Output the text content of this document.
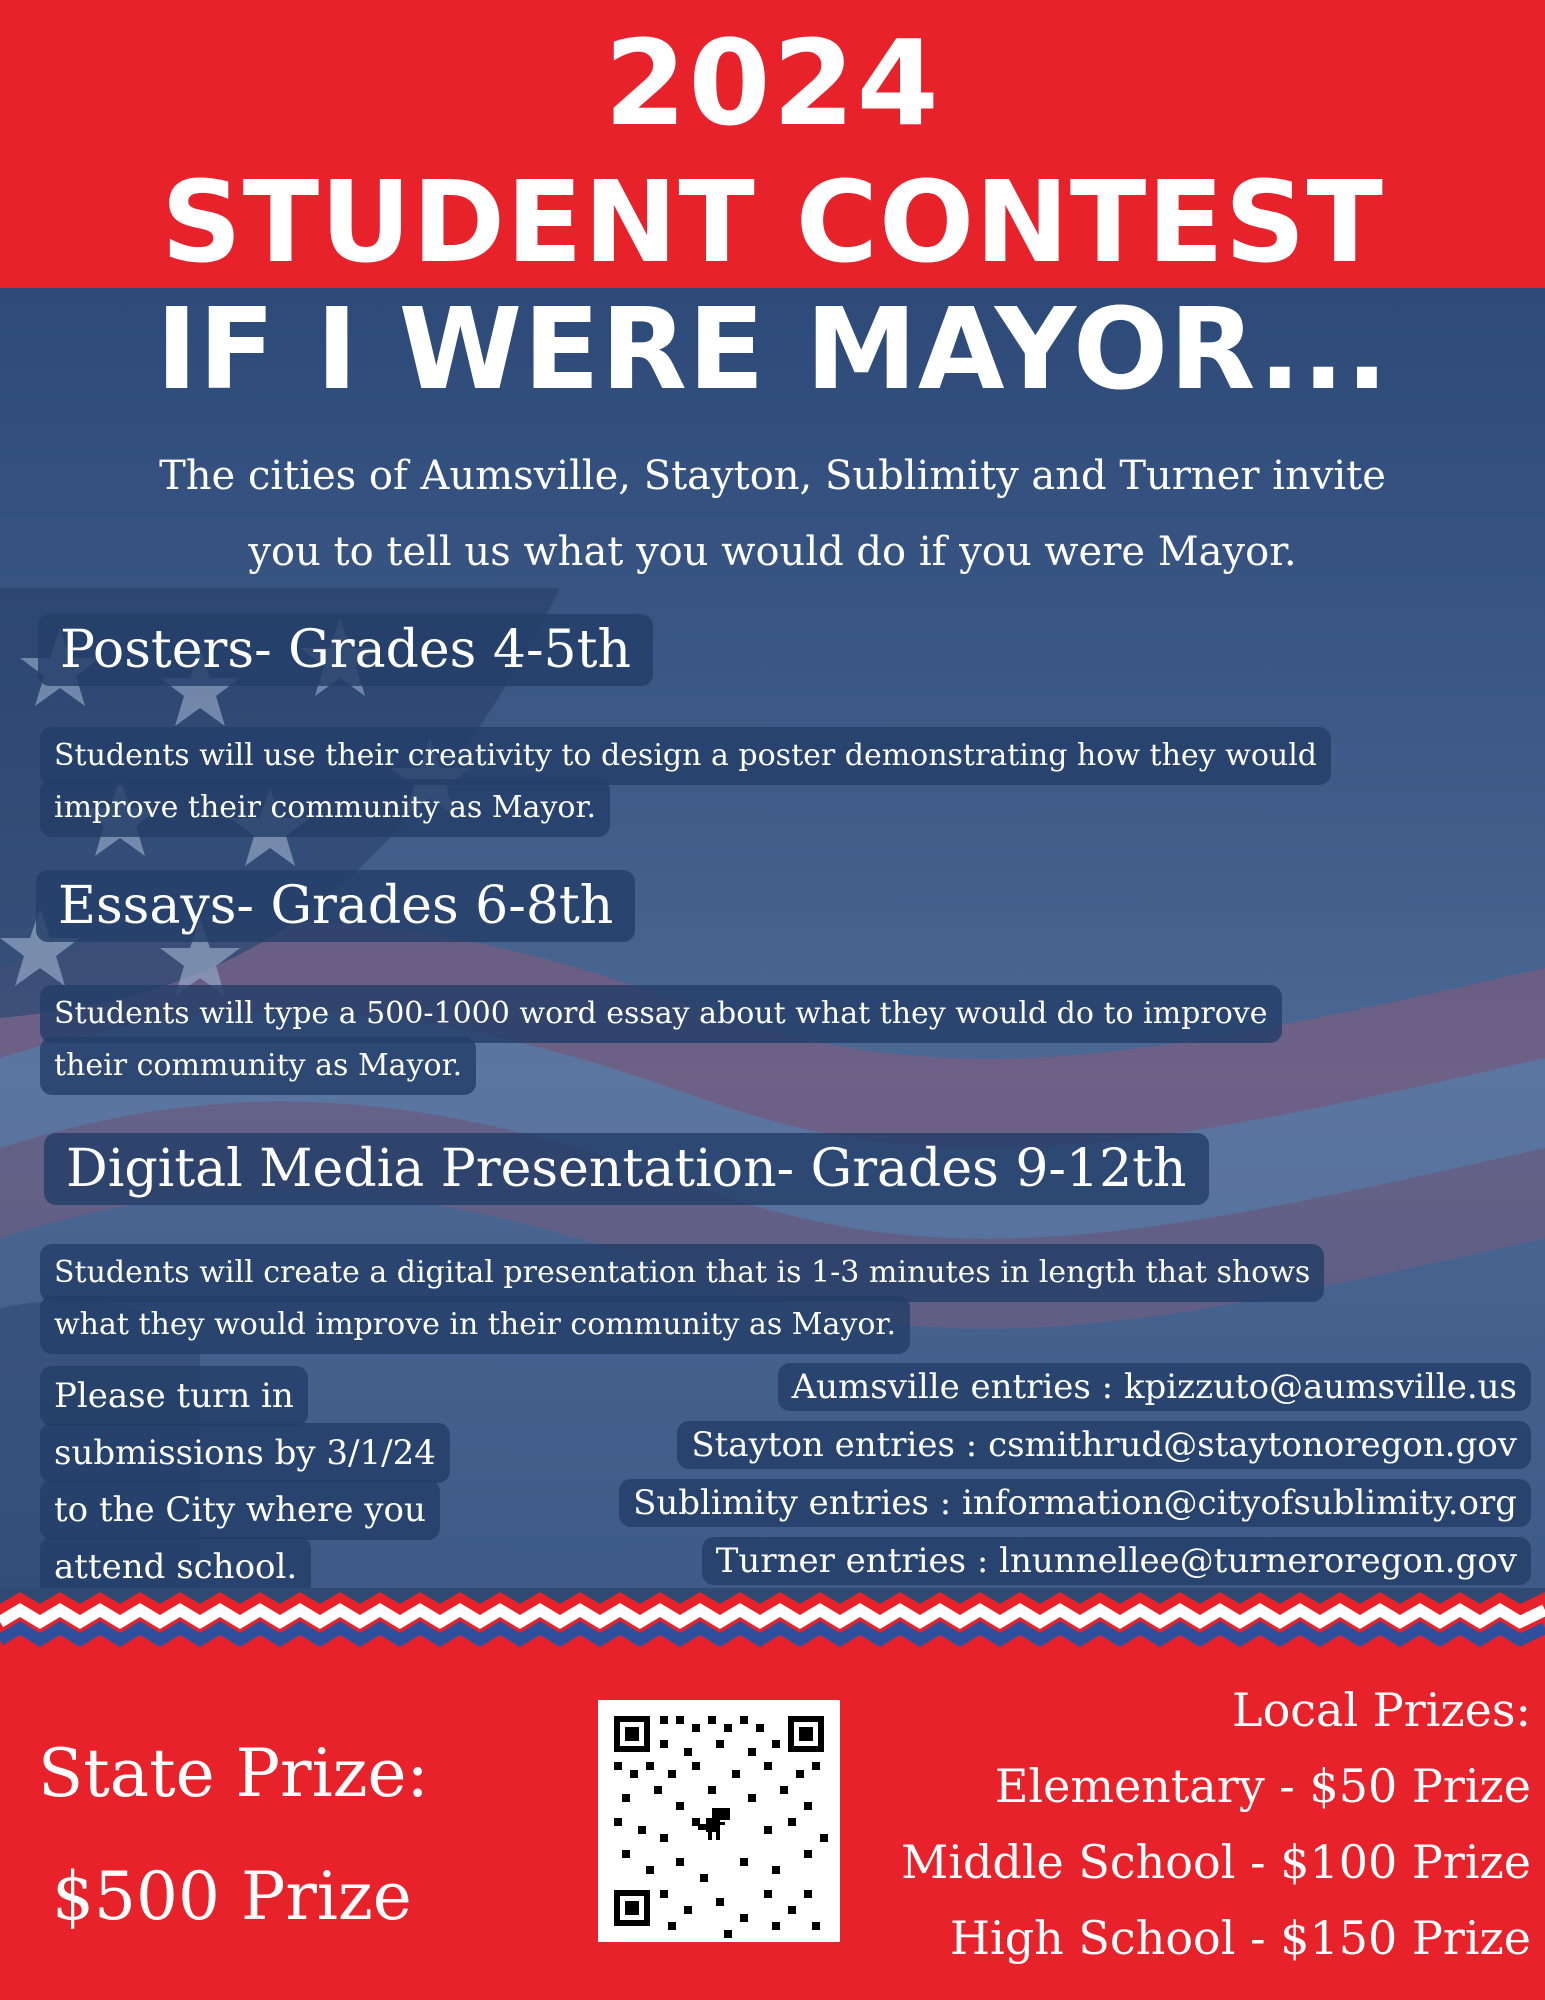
2024
STUDENT CONTEST
IF I WERE MAYOR...
The cities of Aumsville, Stayton, Sublimity and Turner invite
you to tell us what you would do if you were Mayor.
Posters- Grades 4-5th
Students will use their creativity to design a poster demonstrating how they would
improve their community as Mayor.
Essays- Grades 6-8th
Students will type a 500-1000 word essay about what they would do to improve
their community as Mayor.
Digital Media Presentation- Grades 9-12th
Students will create a digital presentation that is 1-3 minutes in length that shows
what they would improve in their community as Mayor.
Please turn in
submissions by 3/1/24
to the City where you
attend school.
Aumsville entries : kpizzuto@aumsville.us
Stayton entries : csmithrud@staytonoregon.gov
Sublimity entries : information@cityofsublimity.org
Turner entries : lnunnellee@turneroregon.gov
State Prize:
$500 Prize
Local Prizes:
Elementary - $50 Prize
Middle School - $100 Prize
High School - $150 Prize
